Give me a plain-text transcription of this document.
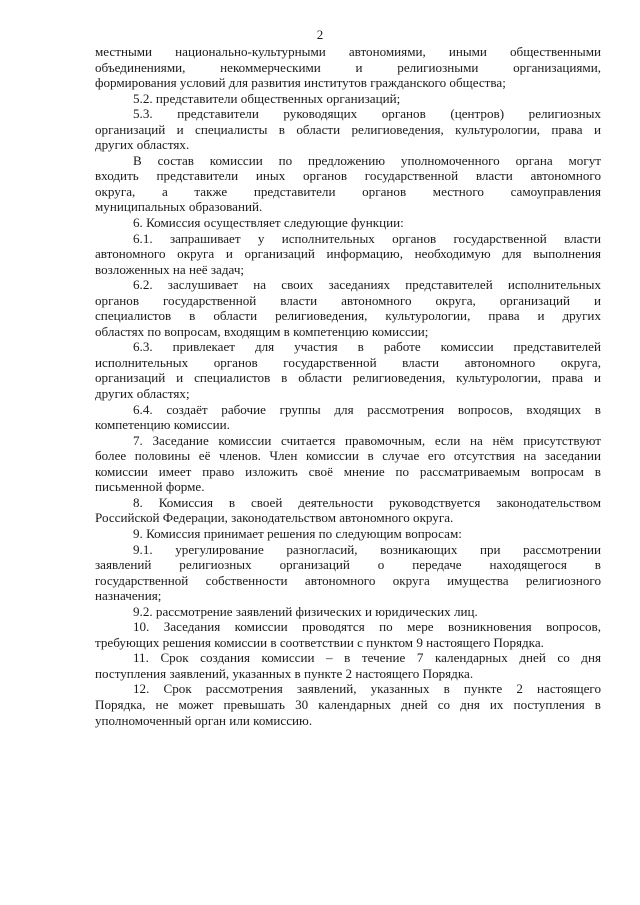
2

местными национально-культурными автономиями, иными общественными
объединениями, некоммерческими и религиозными организациями,
формирования условий для развития институтов гражданского общества;

5.2. представители общественных организаций;

5.3. представители руководящих органов (центров) религиозных
организаций и специалисты в области религиоведения, культурологии, права и
других областях.

В состав комиссии по предложению уполномоченного органа могут
входить представители иных органов государственной власти автономного
округа, а также представители органов местного самоуправления
муниципальных образований.

6. Комиссия осуществляет следующие функции:

6.1. запрашивает у исполнительных органов государственной власти
автономного округа и организаций информацию, необходимую для выполнения
возложенных на неё задач;

6.2. заслушивает на своих заседаниях представителей исполнительных
органов государственной власти автономного округа, организаций и
специалистов в области религиоведения, культурологии, права и других
областях по вопросам, входящим в компетенцию комиссии;

6.3. привлекает для участия в работе комиссии представителей
исполнительных органов государственной власти автономного округа,
организаций и специалистов в области религиоведения, культурологии, права и
других областях;

6.4. создаёт рабочие группы для рассмотрения вопросов, входящих в
компетенцию комиссии.

7. Заседание комиссии считается правомочным, если на нём присутствуют
более половины её членов. Член комиссии в случае его отсутствия на заседании
комиссии имеет право изложить своё мнение по рассматриваемым вопросам в
письменной форме.

8. Комиссия в своей деятельности руководствуется законодательством
Российской Федерации, законодательством автономного округа.

9. Комиссия принимает решения по следующим вопросам:

9.1. урегулирование разногласий, возникающих при рассмотрении
заявлений религиозных организаций о передаче находящегося в
государственной собственности автономного округа имущества религиозного
назначения;

9.2. рассмотрение заявлений физических и юридических лиц.

10. Заседания комиссии проводятся по мере возникновения вопросов,
требующих решения комиссии в соответствии с пунктом 9 настоящего Порядка.

11. Срок создания комиссии – в течение 7 календарных дней со дня
поступления заявлений, указанных в пункте 2 настоящего Порядка.

12. Срок рассмотрения заявлений, указанных в пункте 2 настоящего
Порядка, не может превышать 30 календарных дней со дня их поступления в
уполномоченный орган или комиссию.
